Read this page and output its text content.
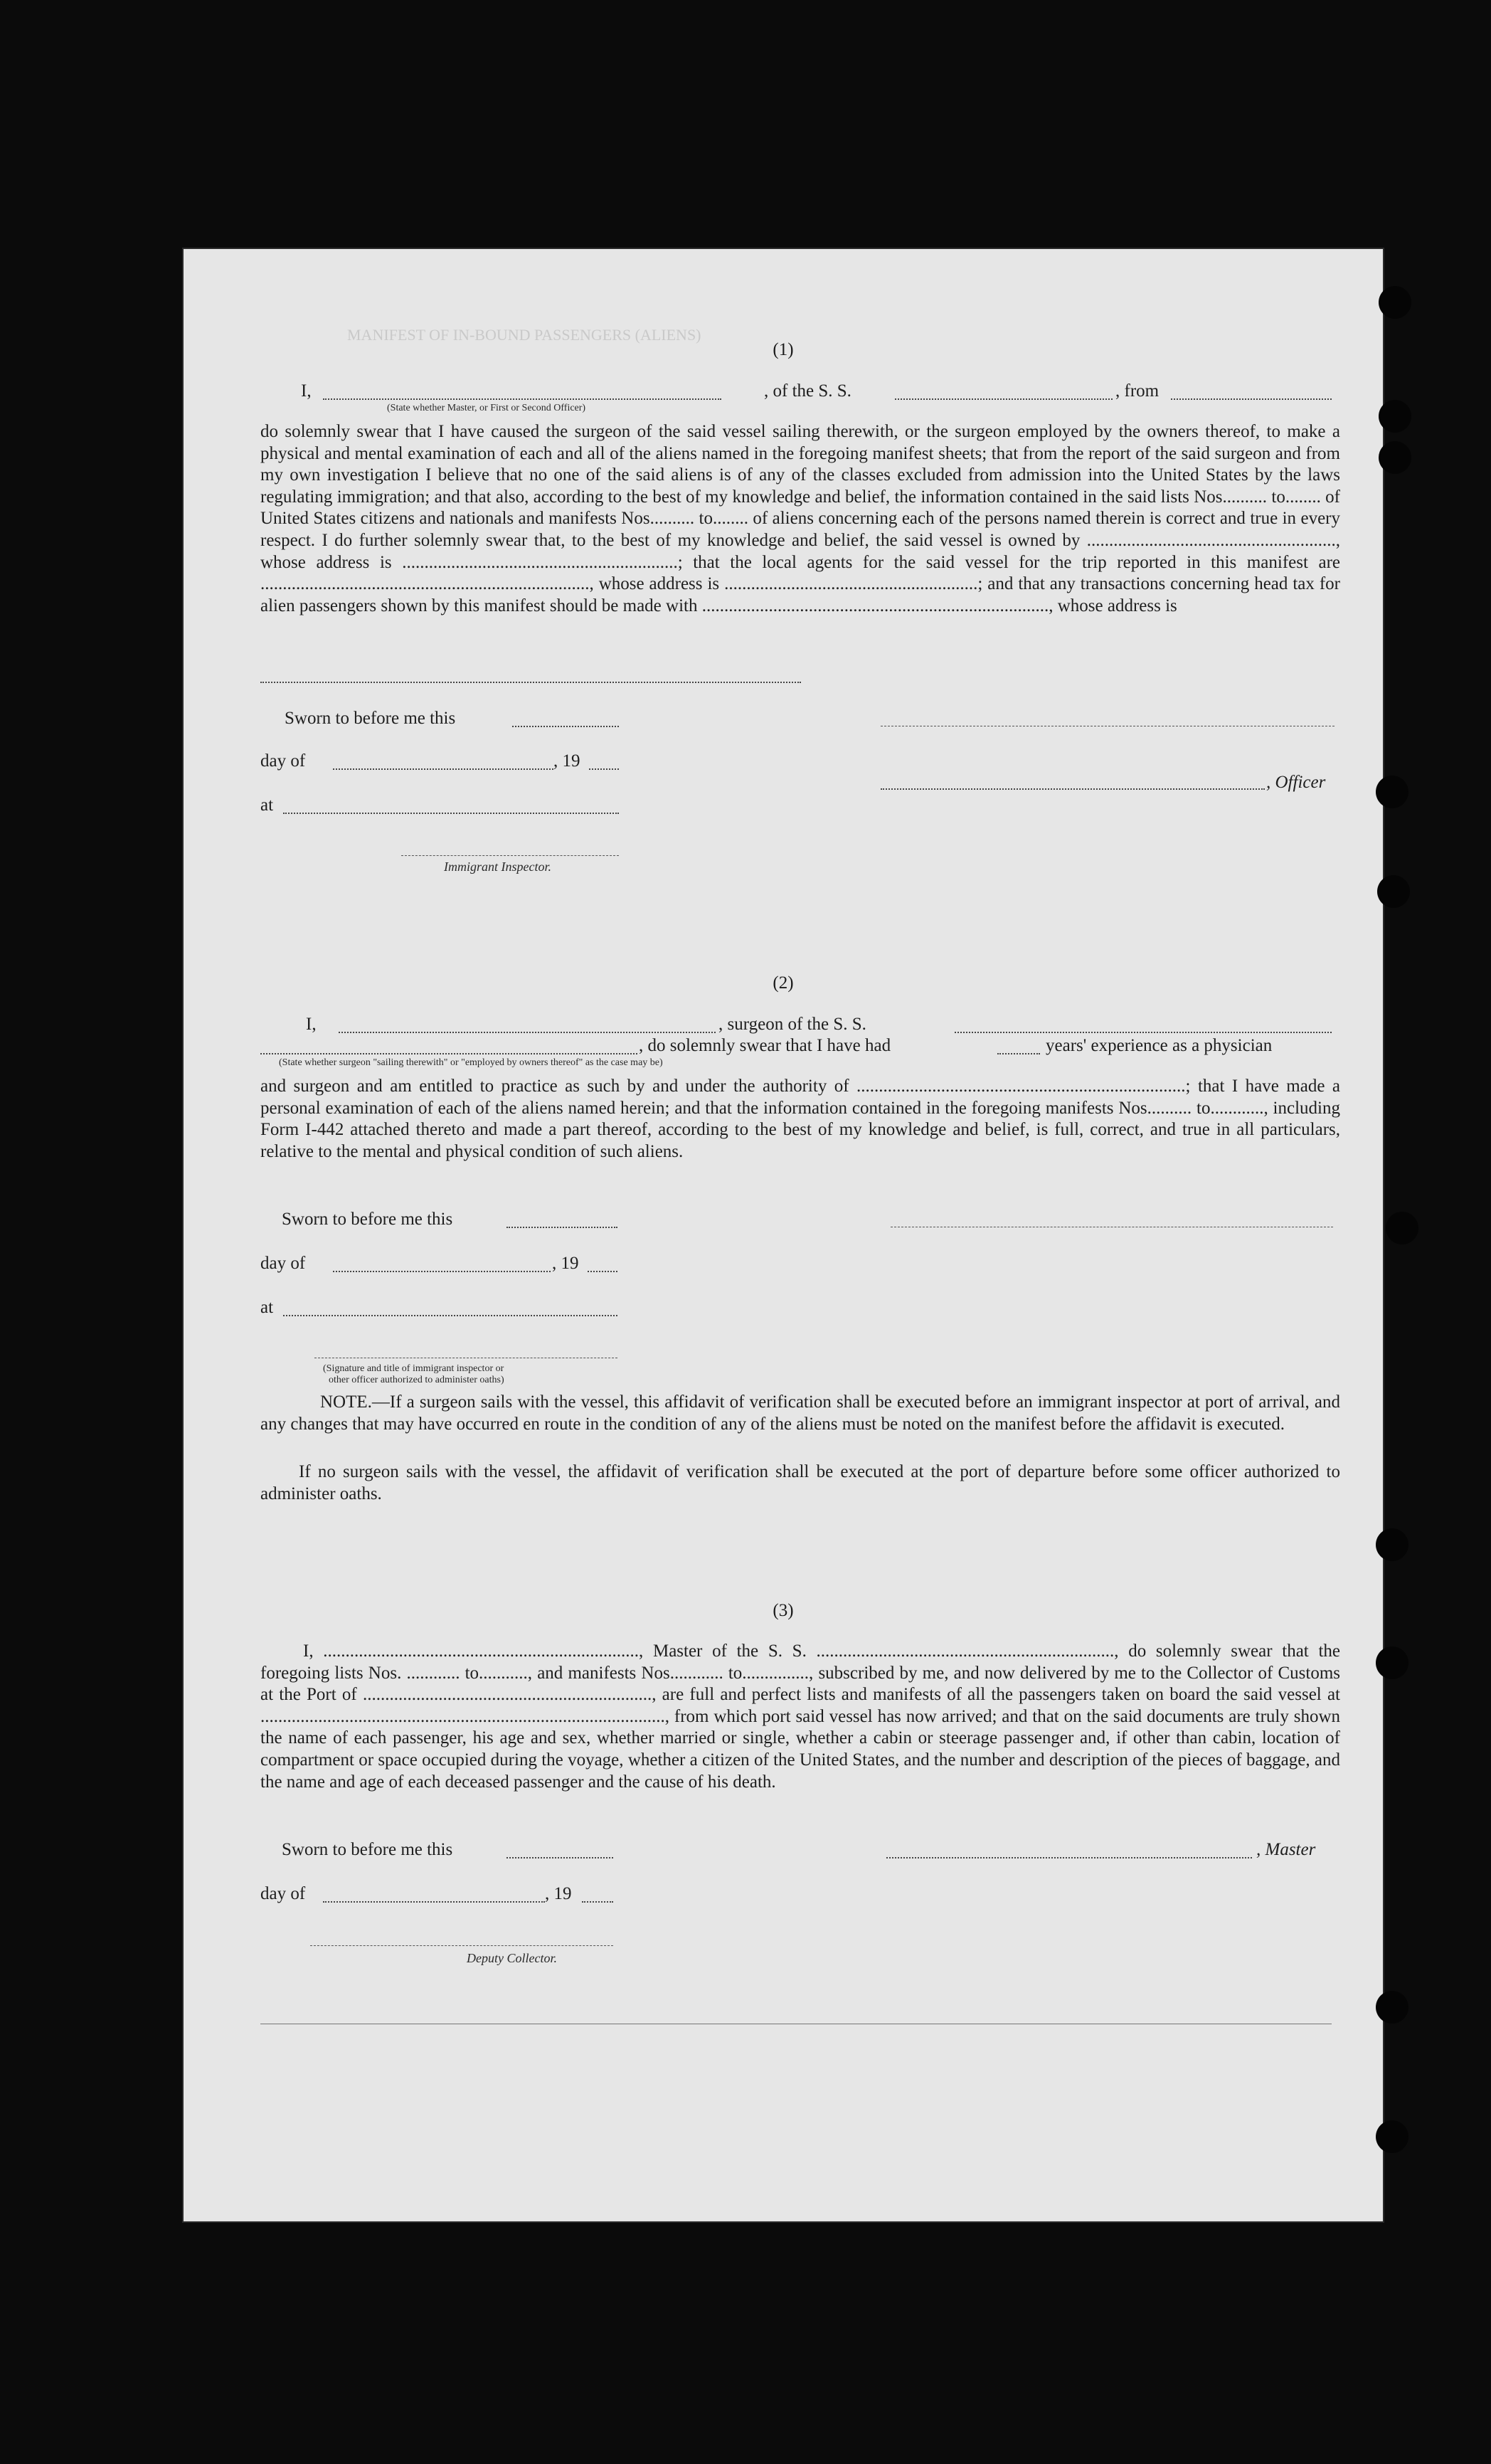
MANIFEST OF IN-BOUND PASSENGERS (ALIENS)
(1)
I,	, of the S. S.	, from
(State whether Master, or First or Second Officer)

do solemnly swear that I have caused the surgeon of the said vessel sailing therewith, or the surgeon employed by the owners thereof, to make a physical and mental examination of each and all of the aliens named in the foregoing manifest sheets; that from the report of the said surgeon and from my own investigation I believe that no one of the said aliens is of any of the classes excluded from admission into the United States by the laws regulating immigration; and that also, according to the best of my knowledge and belief, the information contained in the said lists Nos.......... to........ of United States citizens and nationals and manifests Nos.......... to........ of aliens concerning each of the persons named therein is correct and true in every respect. I do further solemnly swear that, to the best of my knowledge and belief, the said vessel is owned by ........................................................, whose address is ..............................................................; that the local agents for the said vessel for the trip reported in this manifest are .........................................................................., whose address is .........................................................; and that any transactions concerning head tax for alien passengers shown by this manifest should be made with .............................................................................., whose address is

Sworn to before me this
day of	, 19
, Officer
at
Immigrant Inspector.
(2)
I,	, surgeon of the S. S.
, do solemnly swear that I have had	years' experience as a physician
(State whether surgeon "sailing therewith" or "employed by owners thereof" as the case may be)

and surgeon and am entitled to practice as such by and under the authority of ..........................................................................; that I have made a personal examination of each of the aliens named herein; and that the information contained in the foregoing manifests Nos.......... to............, including Form I-442 attached thereto and made a part thereof, according to the best of my knowledge and belief, is full, correct, and true in all particulars, relative to the mental and physical condition of such aliens.

Sworn to before me this
day of	, 19
at
(Signature and title of immigrant inspector or
other officer authorized to administer oaths)

NOTE.—If a surgeon sails with the vessel, this affidavit of verification shall be executed before an immigrant inspector at port of arrival, and any changes that may have occurred en route in the condition of any of the aliens must be noted on the manifest before the affidavit is executed.

If no surgeon sails with the vessel, the affidavit of verification shall be executed at the port of departure before some officer authorized to administer oaths.

(3)

I, ......................................................................., Master of the S. S. ..................................................................., do solemnly swear that the foregoing lists Nos. ............ to..........., and manifests Nos............ to..............., subscribed by me, and now delivered by me to the Collector of Customs at the Port of ................................................................., are full and perfect lists and manifests of all the passengers taken on board the said vessel at ..........................................................................................., from which port said vessel has now arrived; and that on the said documents are truly shown the name of each passenger, his age and sex, whether married or single, whether a cabin or steerage passenger and, if other than cabin, location of compartment or space occupied during the voyage, whether a citizen of the United States, and the number and description of the pieces of baggage, and the name and age of each deceased passenger and the cause of his death.

Sworn to before me this	, Master
day of	, 19
Deputy Collector.
